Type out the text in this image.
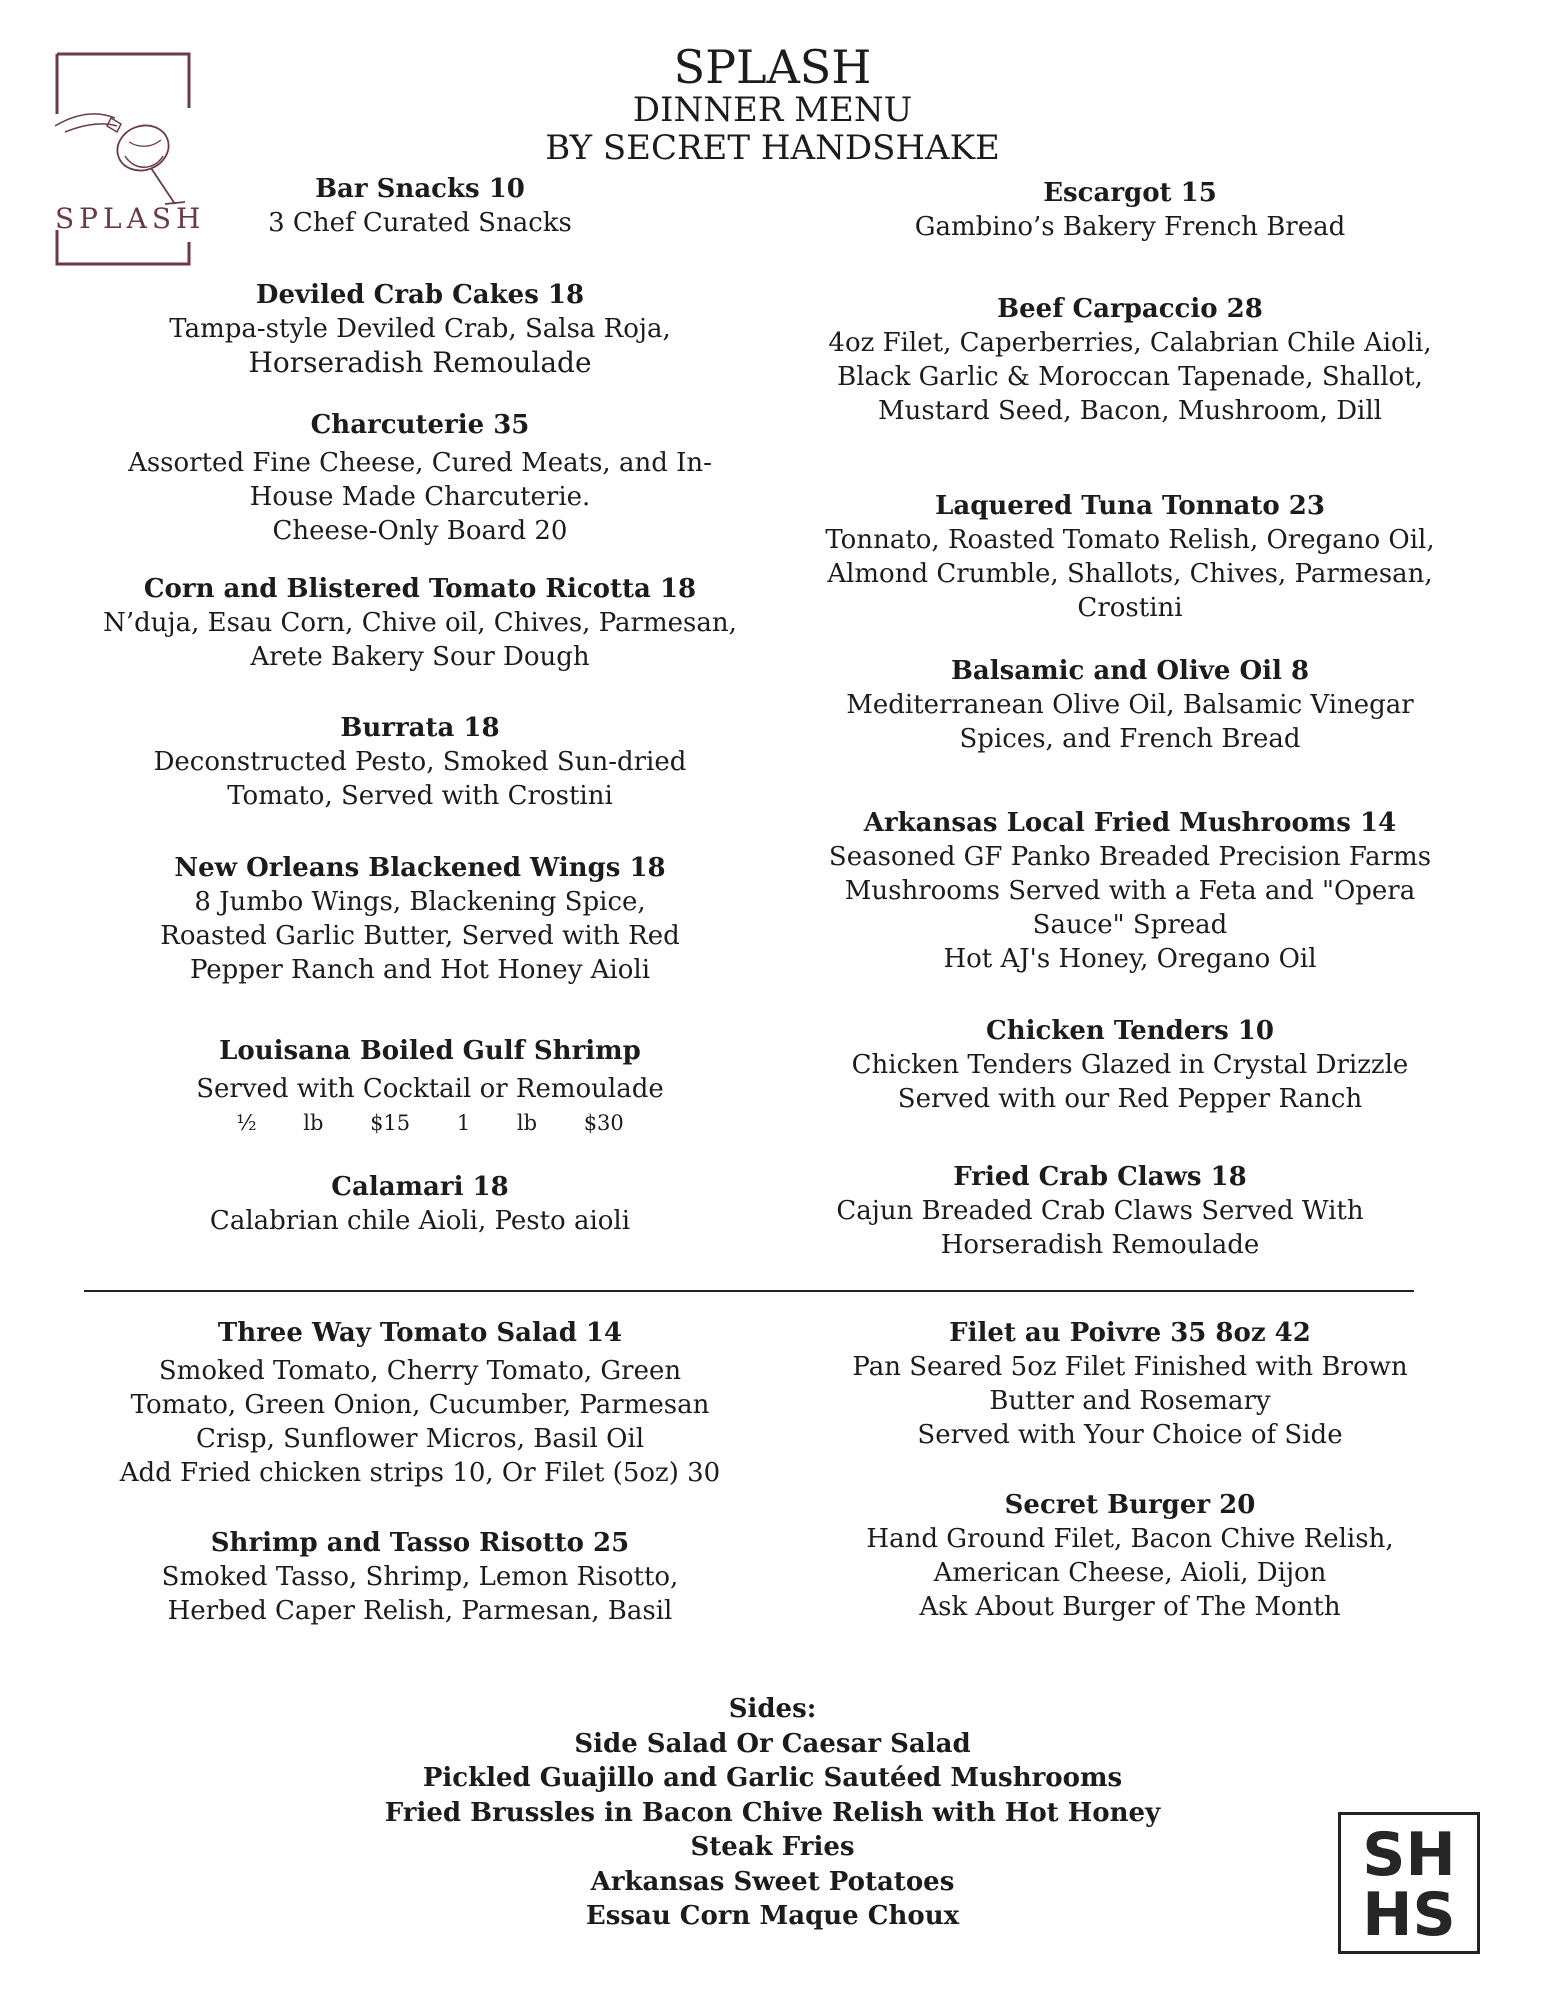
SPLASH
DINNER MENU
BY SECRET HANDSHAKE
SPLASH
Bar Snacks 10
3 Chef Curated Snacks
Deviled Crab Cakes 18
Tampa-style Deviled Crab, Salsa Roja,
Horseradish Remoulade
Charcuterie 35
Assorted Fine Cheese, Cured Meats, and In-
House Made Charcuterie.
Cheese-Only Board 20
Corn and Blistered Tomato Ricotta 18
N’duja, Esau Corn, Chive oil, Chives, Parmesan,
Arete Bakery Sour Dough
Burrata 18
Deconstructed Pesto, Smoked Sun-dried
Tomato, Served with Crostini
New Orleans Blackened Wings 18
8 Jumbo Wings, Blackening Spice,
Roasted Garlic Butter, Served with Red
Pepper Ranch and Hot Honey Aioli
Louisana Boiled Gulf Shrimp
Served with Cocktail or Remoulade
½ lb $15 1 lb $30
Calamari 18
Calabrian chile Aioli, Pesto aioli
Escargot 15
Gambino’s Bakery French Bread
Beef Carpaccio 28
4oz Filet, Caperberries, Calabrian Chile Aioli,
Black Garlic & Moroccan Tapenade, Shallot,
Mustard Seed, Bacon, Mushroom, Dill
Laquered Tuna Tonnato 23
Tonnato, Roasted Tomato Relish, Oregano Oil,
Almond Crumble, Shallots, Chives, Parmesan,
Crostini
Balsamic and Olive Oil 8
Mediterranean Olive Oil, Balsamic Vinegar
Spices, and French Bread
Arkansas Local Fried Mushrooms 14
Seasoned GF Panko Breaded Precision Farms
Mushrooms Served with a Feta and "Opera
Sauce" Spread
Hot AJ's Honey, Oregano Oil
Chicken Tenders 10
Chicken Tenders Glazed in Crystal Drizzle
Served with our Red Pepper Ranch
Fried Crab Claws 18
Cajun Breaded Crab Claws Served With
Horseradish Remoulade
Three Way Tomato Salad 14
Smoked Tomato, Cherry Tomato, Green
Tomato, Green Onion, Cucumber, Parmesan
Crisp, Sunflower Micros, Basil Oil
Add Fried chicken strips 10, Or Filet (5oz) 30
Shrimp and Tasso Risotto 25
Smoked Tasso, Shrimp, Lemon Risotto,
Herbed Caper Relish, Parmesan, Basil
Filet au Poivre 35 8oz 42
Pan Seared 5oz Filet Finished with Brown
Butter and Rosemary
Served with Your Choice of Side
Secret Burger 20
Hand Ground Filet, Bacon Chive Relish,
American Cheese, Aioli, Dijon
Ask About Burger of The Month
Sides:
Side Salad Or Caesar Salad
Pickled Guajillo and Garlic Sautéed Mushrooms
Fried Brussles in Bacon Chive Relish with Hot Honey
Steak Fries
Arkansas Sweet Potatoes
Essau Corn Maque Choux
SH
HS
